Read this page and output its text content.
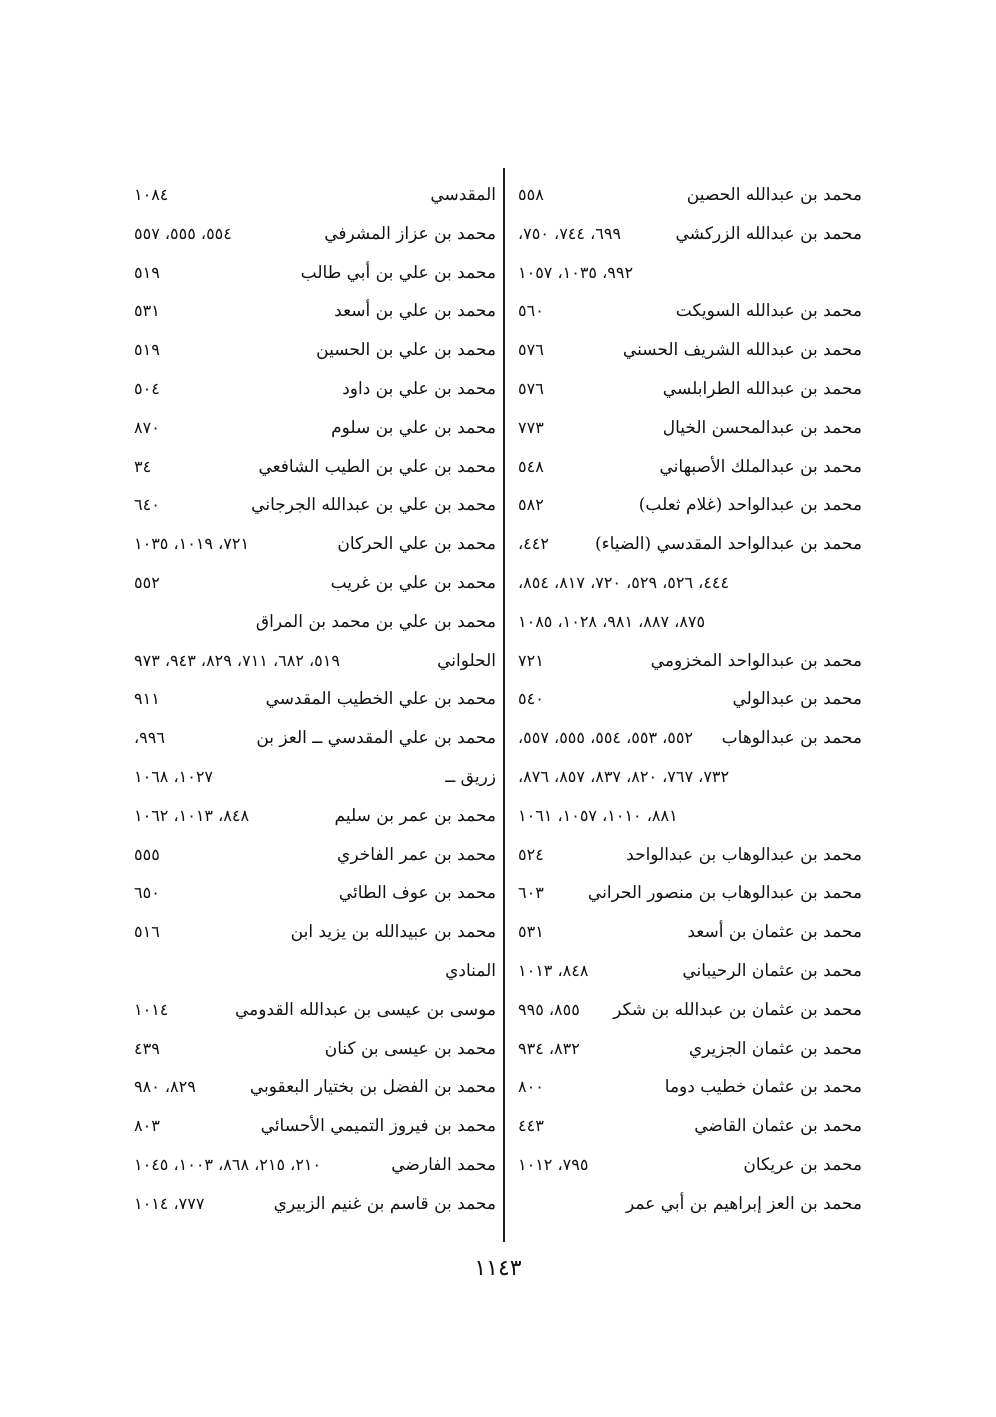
٥٥٨	محمد بن عبدالله الحصين
٦٩٩، ٧٤٤، ٧٥٠،	محمد بن عبدالله الزركشي
٩٩٢، ١٠٣٥، ١٠٥٧
٥٦٠	محمد بن عبدالله السويكت
٥٧٦	محمد بن عبدالله الشريف الحسني
٥٧٦	محمد بن عبدالله الطرابلسي
٧٧٣	محمد بن عبدالمحسن الخيال
٥٤٨	محمد بن عبدالملك الأصبهاني
٥٨٢	محمد بن عبدالواحد (غلام ثعلب)
٤٤٢،	محمد بن عبدالواحد المقدسي (الضياء)
٤٤٤، ٥٢٦، ٥٢٩، ٧٢٠، ٨١٧، ٨٥٤،
٨٧٥، ٨٨٧، ٩٨١، ١٠٢٨، ١٠٨٥
٧٢١	محمد بن عبدالواحد المخزومي
٥٤٠	محمد بن عبدالولي
٥٥٢، ٥٥٣، ٥٥٤، ٥٥٥، ٥٥٧،	محمد بن عبدالوهاب
٧٣٢، ٧٦٧، ٨٢٠، ٨٣٧، ٨٥٧، ٨٧٦،
٨٨١، ١٠١٠، ١٠٥٧، ١٠٦١
٥٢٤	محمد بن عبدالوهاب بن عبدالواحد
٦٠٣	محمد بن عبدالوهاب بن منصور الحراني
٥٣١	محمد بن عثمان بن أسعد
٨٤٨، ١٠١٣	محمد بن عثمان الرحيباني
٨٥٥، ٩٩٥	محمد بن عثمان بن عبدالله بن شكر
٨٣٢، ٩٣٤	محمد بن عثمان الجزيري
٨٠٠	محمد بن عثمان خطيب دوما
٤٤٣	محمد بن عثمان القاضي
٧٩٥، ١٠١٢	محمد بن عريكان
محمد بن العز إبراهيم بن أبي عمر
١٠٨٤	المقدسي
٥٥٤، ٥٥٥، ٥٥٧	محمد بن عزاز المشرفي
٥١٩	محمد بن علي بن أبي طالب
٥٣١	محمد بن علي بن أسعد
٥١٩	محمد بن علي بن الحسين
٥٠٤	محمد بن علي بن داود
٨٧٠	محمد بن علي بن سلوم
٣٤	محمد بن علي بن الطيب الشافعي
٦٤٠	محمد بن علي بن عبدالله الجرجاني
٧٢١، ١٠١٩، ١٠٣٥	محمد بن علي الحركان
٥٥٢	محمد بن علي بن غريب
محمد بن علي بن محمد بن المراق
٥١٩، ٦٨٢، ٧١١، ٨٢٩، ٩٤٣، ٩٧٣	الحلواني
٩١١	محمد بن علي الخطيب المقدسي
٩٩٦،	محمد بن علي المقدسي ــ العز بن
١٠٢٧، ١٠٦٨	زريق ــ
٨٤٨، ١٠١٣، ١٠٦٢	محمد بن عمر بن سليم
٥٥٥	محمد بن عمر الفاخري
٦٥٠	محمد بن عوف الطائي
٥١٦	محمد بن عبيدالله بن يزيد ابن
المنادي
١٠١٤	موسى بن عيسى بن عبدالله القدومي
٤٣٩	محمد بن عيسى بن كنان
٨٢٩، ٩٨٠	محمد بن الفضل بن بختيار البعقوبي
٨٠٣	محمد بن فيروز التميمي الأحسائي
٢١٠، ٢١٥، ٨٦٨، ١٠٠٣، ١٠٤٥	محمد الفارضي
٧٧٧، ١٠١٤	محمد بن قاسم بن غنيم الزبيري
١١٤٣
